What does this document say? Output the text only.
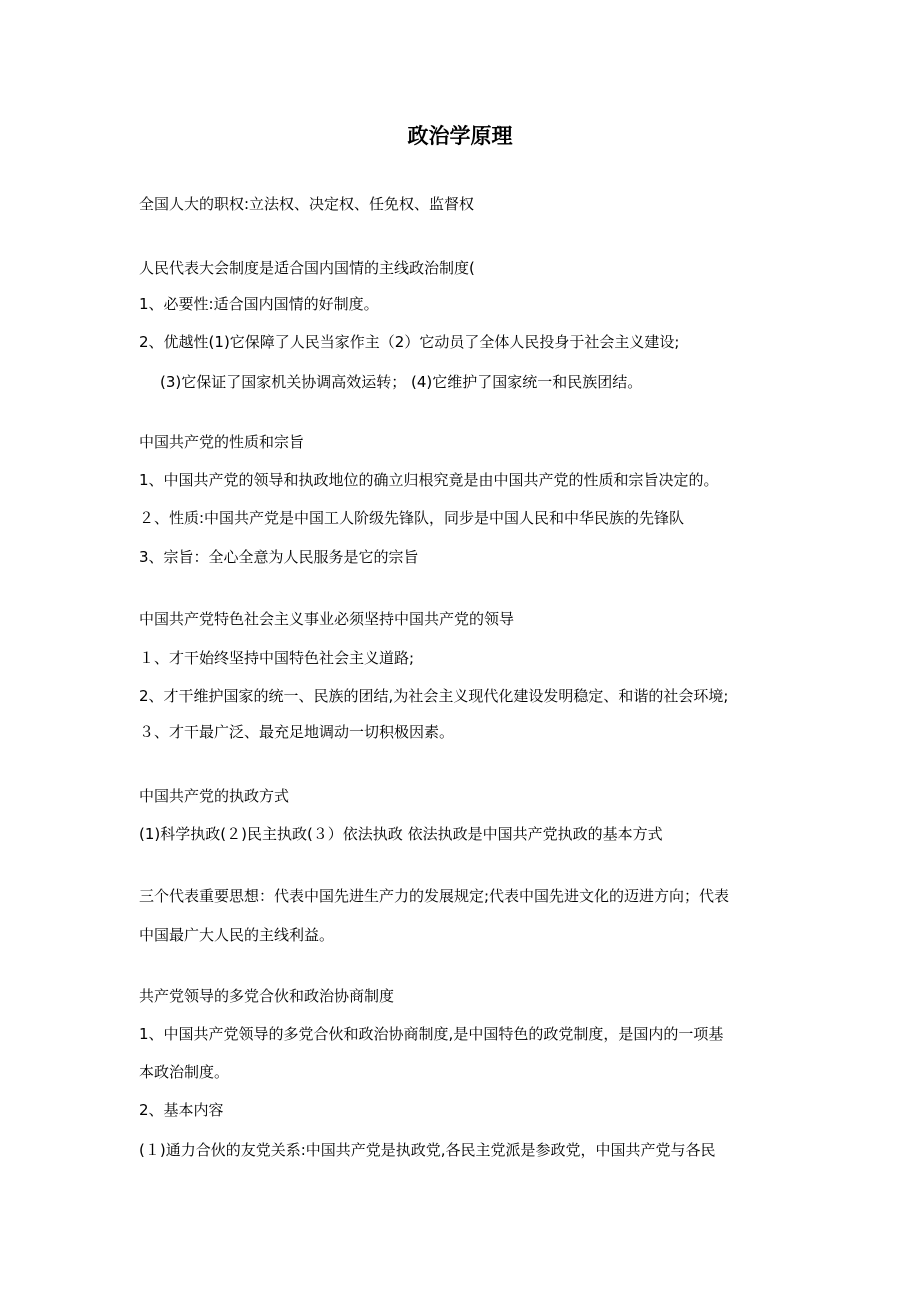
政治学原理
全国人大的职权:立法权、决定权、任免权、监督权
人民代表大会制度是适合国内国情的主线政治制度(
1、必要性:适合国内国情的好制度。
2、优越性(1)它保障了人民当家作主（2）它动员了全体人民投身于社会主义建设;
(3)它保证了国家机关协调高效运转； (4)它维护了国家统一和民族团结。
中国共产党的性质和宗旨
1、中国共产党的领导和执政地位的确立归根究竟是由中国共产党的性质和宗旨决定的。
２、性质:中国共产党是中国工人阶级先锋队，同步是中国人民和中华民族的先锋队
3、宗旨：全心全意为人民服务是它的宗旨
中国共产党特色社会主义事业必须坚持中国共产党的领导
１、才干始终坚持中国特色社会主义道路;
2、才干维护国家的统一、民族的团结,为社会主义现代化建设发明稳定、和谐的社会环境;
３、才干最广泛、最充足地调动一切积极因素。
中国共产党的执政方式
(1)科学执政(２)民主执政(３）依法执政 依法执政是中国共产党执政的基本方式
三个代表重要思想：代表中国先进生产力的发展规定;代表中国先进文化的迈进方向；代表
中国最广大人民的主线利益。
共产党领导的多党合伙和政治协商制度
1、中国共产党领导的多党合伙和政治协商制度,是中国特色的政党制度，是国内的一项基
本政治制度。
2、基本内容
(１)通力合伙的友党关系:中国共产党是执政党,各民主党派是参政党，中国共产党与各民
